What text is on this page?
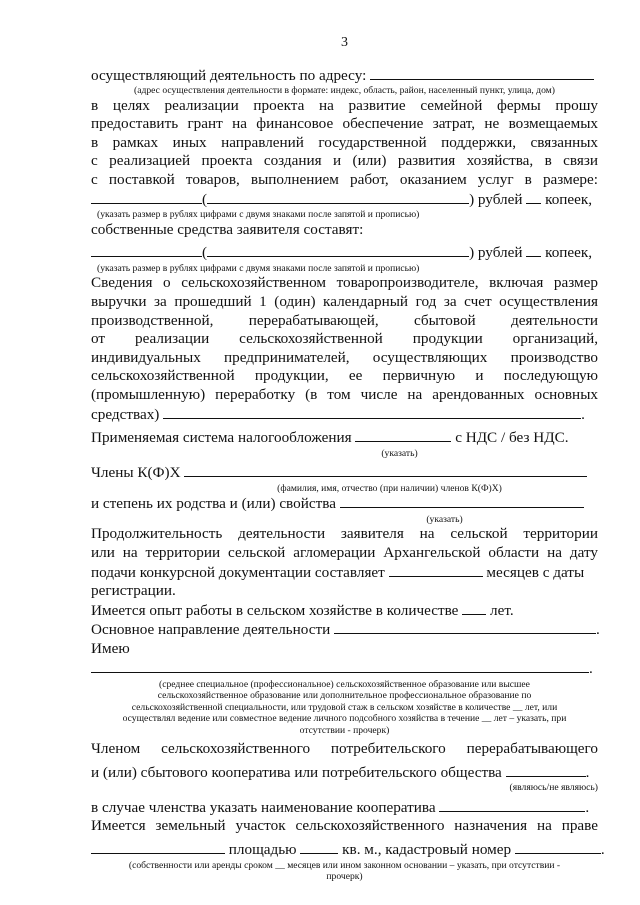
3
осуществляющий деятельность по адресу:
(адрес осуществления деятельности в формате: индекс, область, район, населенный пункт, улица, дом)
в целях реализации проекта на развитие семейной фермы прошу
предоставить грант на финансовое обеспечение затрат, не возмещаемых
в рамках иных направлений государственной поддержки, связанных
с реализацией проекта создания и (или) развития хозяйства, в связи
с поставкой товаров, выполнением работ, оказанием услуг в размере:
(	) рублей копеек,
(указать размер в рублях цифрами с двумя знаками после запятой и прописью)
собственные средства заявителя составят:
(	) рублей копеек,
(указать размер в рублях цифрами с двумя знаками после запятой и прописью)
Сведения о сельскохозяйственном товаропроизводителе, включая размер
выручки за прошедший 1 (один) календарный год за счет осуществления
производственной, перерабатывающей, сбытовой деятельности
от реализации сельскохозяйственной продукции организаций,
индивидуальных предпринимателей, осуществляющих производство
сельскохозяйственной продукции, ее первичную и последующую
(промышленную) переработку (в том числе на арендованных основных
средствах)	.
Применяемая система налогообложения	с НДС / без НДС.
(указать)
Члены К(Ф)Х
(фамилия, имя, отчество (при наличии) членов К(Ф)Х)
и степень их родства и (или) свойства
(указать)
Продолжительность деятельности заявителя на сельской территории
или на территории сельской агломерации Архангельской области на дату
подачи конкурсной документации составляет	месяцев с даты
регистрации.
Имеется опыт работы в сельском хозяйстве в количестве лет.
Основное направление деятельности	.
Имею
.
(среднее специальное (профессиональное) сельскохозяйственное образование или высшее
сельскохозяйственное образование или дополнительное профессиональное образование по
сельскохозяйственной специальности, или трудовой стаж в сельском хозяйстве в количестве __ лет, или
осуществлял ведение или совместное ведение личного подсобного хозяйства в течение __ лет – указать, при
отсутствии - прочерк)
Членом сельскохозяйственного потребительского перерабатывающего
и (или) сбытового кооператива или потребительского общества	.
(являюсь/не являюсь)
в случае членства указать наименование кооператива	.
Имеется земельный участок сельскохозяйственного назначения на праве
площадью	кв. м., кадастровый номер	.
(собственности или аренды сроком __ месяцев или ином законном основании – указать, при отсутствии -
прочерк)
